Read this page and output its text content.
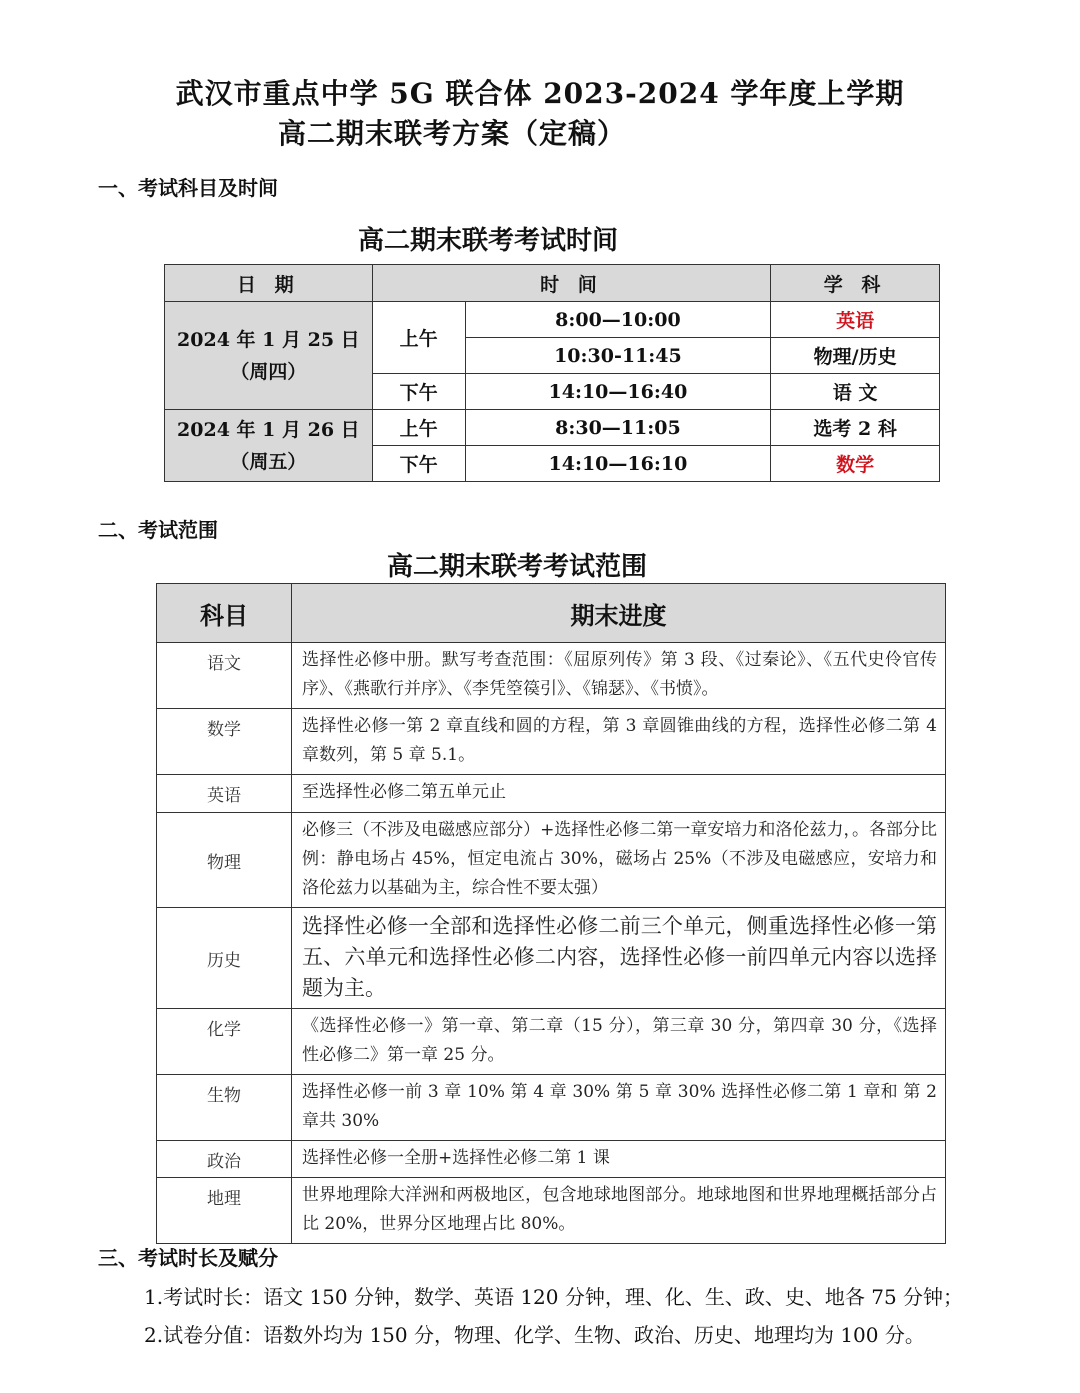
武汉市重点中学 5G 联合体 2023-2024 学年度上学期
高二期末联考方案（定稿）
一、考试科目及时间
高二期末联考考试时间
日 期	时 间		学 科

2024 年 1 月 25 日
（周四）	上午	8:00—10:00	英语
		10:30-11:45	物理/历史
	下午	14:10—16:40	语 文

2024 年 1 月 26 日
（周五）	上午	8:30—11:05	选考 2 科
	下午	14:10—16:10	数学
二、考试范围
高二期末联考考试范围
科目	期末进度
语文	选择性必修中册。默写考查范围：《屈原列传》第 3 段、《过秦论》、《五代史伶官传序》、《燕歌行并序》、《李凭箜篌引》、《锦瑟》、《书愤》。
数学	选择性必修一第 2 章直线和圆的方程，第 3 章圆锥曲线的方程，选择性必修二第 4 章数列，第 5 章 5.1。
英语	至选择性必修二第五单元止
物理	必修三（不涉及电磁感应部分）+选择性必修二第一章安培力和洛伦兹力，。各部分比例：静电场占 45%，恒定电流占 30%，磁场占 25%（不涉及电磁感应，安培力和洛伦兹力以基础为主，综合性不要太强）
历史	选择性必修一全部和选择性必修二前三个单元，侧重选择性必修一第五、六单元和选择性必修二内容，选择性必修一前四单元内容以选择题为主。
化学	《选择性必修一》第一章、第二章（15 分），第三章 30 分，第四章 30 分，《选择性必修二》第一章 25 分。
生物	选择性必修一前 3 章 10% 第 4 章 30% 第 5 章 30% 选择性必修二第 1 章和 第 2 章共 30%
政治	选择性必修一全册+选择性必修二第 1 课
地理	世界地理除大洋洲和两极地区，包含地球地图部分。地球地图和世界地理概括部分占比 20%，世界分区地理占比 80%。
三、考试时长及赋分
1.考试时长：语文 150 分钟，数学、英语 120 分钟，理、化、生、政、史、地各 75 分钟；
2.试卷分值：语数外均为 150 分，物理、化学、生物、政治、历史、地理均为 100 分。
